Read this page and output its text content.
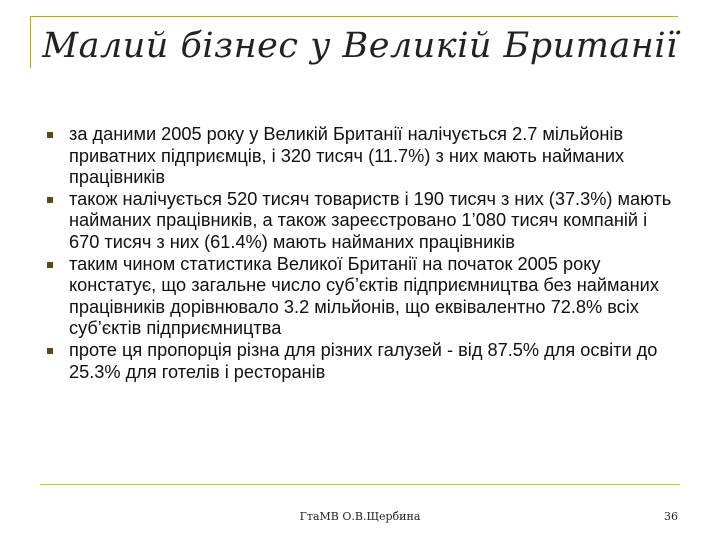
Малий бізнес у Великій Британії
за даними 2005 року у Великій Британії налічується 2.7 мільйонів приватних підприємців, і 320 тисяч (11.7%) з них мають найманих працівників
також налічується 520 тисяч товариств і 190 тисяч з них (37.3%) мають найманих працівників, а також зареєстровано 1’080 тисяч компаній і 670 тисяч з них (61.4%) мають найманих працівників
таким чином статистика Великої Британії на початок 2005 року констатує, що загальне число суб’єктів підприємництва без найманих працівників дорівнювало 3.2 мільйонів, що еквівалентно 72.8% всіх суб’єктів підприємництва
проте ця пропорція різна для різних галузей - від 87.5% для освіти до 25.3% для готелів і ресторанів
ГтаМВ О.В.Щербина	36
